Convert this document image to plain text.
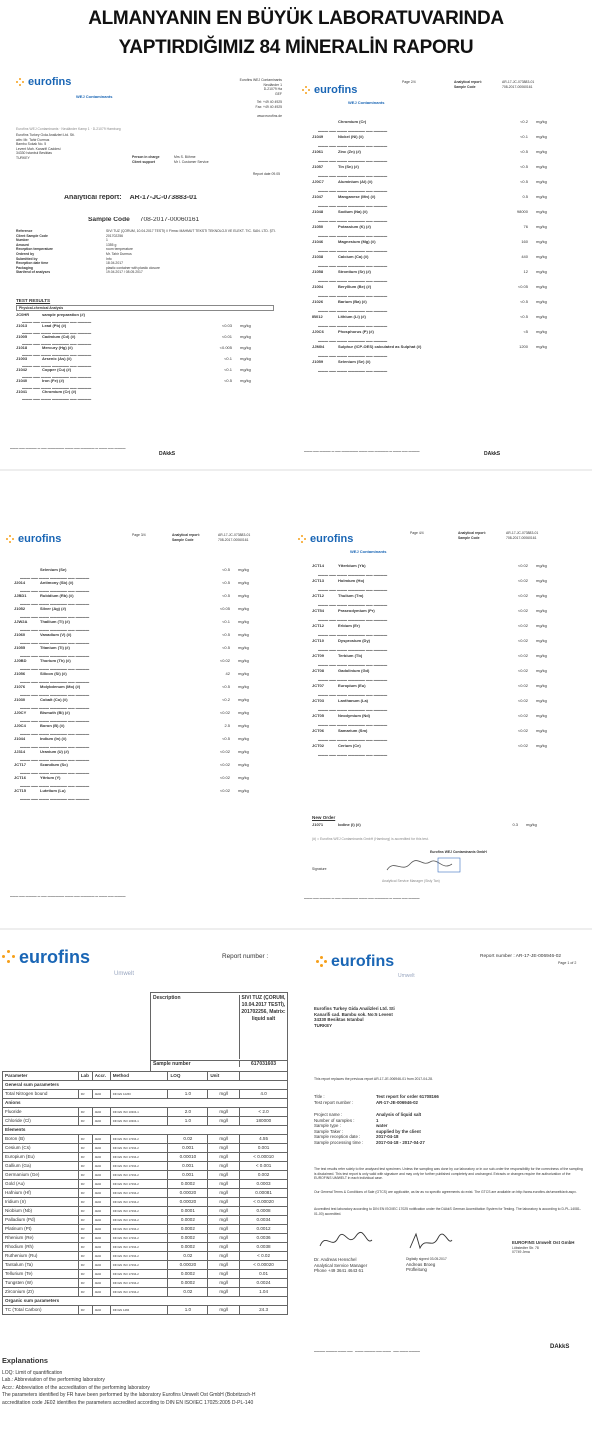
ALMANYANIN EN BÜYÜK LABORATUVARINDA
YAPTIRDIĞIMIZ 84 MİNERALİN RAPORU
eurofins
WEJ Contaminants
Eurofins WEJ Contaminants
Neuländer 1
D-21079 Ha
GEF
Tel: +49 40 4925
Fax: +49 40 4925
www.eurofins.de
Eurofins WEJ Contaminants · Neuländer Kamp 1 · D-21079 Hamburg
Eurofins Turkey Gıda Analizleri Ltd. Sti.
attn: Mr. Tahir Durmus
Bambu Sokak No. 5
Levent Mah. Kanarifi Caddesi
34330 Istanbul Besiktas
TURKEY	Person in charge	Mrs S. Böhme
Client support	Mr I. Customer Service
Report date 09.05
Analytical report: AR-17-JC-073883-01
Sample Code 708-2017-00060161
Reference	SIVI TUZ (ÇORUM, 10.04.2017 TESTİ) // Firma: MAHMUT TEKSTİ TEKNOLOJİ VE ELEKT. TİC. SAN. LTD. ŞTİ.
Client Sample Code	201702256
Number	1
Amount	1355 g
Reception temperature	room temperature
Ordered by	Mr. Tahir Durmus
Submitted by	Info
Reception date time	18.04.2017
Packaging	plastic container with plastic closure
Start/end of analyses	19.04.2017 / 08.05.2017
TEST RESULTS
Physical-chemical Analysis
JC0HR	sample preparation (#)
▬▬▬ ▬▬ ▬▬▬ ▬▬▬▬▬ ▬▬ ▬▬▬▬
J1013	Lead (Pb) (#)	<0.03 mg/kg
▬▬▬ ▬▬ ▬▬▬ ▬▬▬▬▬ ▬▬ ▬▬▬▬
J1005	Cadmium (Cd) (#)	<0.01 mg/kg
▬▬▬ ▬▬ ▬▬▬ ▬▬▬▬▬ ▬▬ ▬▬▬▬
J1018	Mercury (Hg) (#)	<0.005 mg/kg
▬▬▬ ▬▬ ▬▬▬ ▬▬▬▬▬ ▬▬ ▬▬▬▬
J1003	Arsenic (As) (#)	<0.1 mg/kg
▬▬▬ ▬▬ ▬▬▬ ▬▬▬▬▬ ▬▬ ▬▬▬▬
J1042	Copper (Cu) (#)	<0.1 mg/kg
▬▬▬ ▬▬ ▬▬▬ ▬▬▬▬▬ ▬▬ ▬▬▬▬
J1040	Iron (Fe) (#)	<0.5 mg/kg
▬▬▬ ▬▬ ▬▬▬ ▬▬▬▬▬ ▬▬ ▬▬▬▬
J1041	Chromium (Cr) (#)
▬▬▬ ▬▬ ▬▬▬ ▬▬▬▬▬ ▬▬ ▬▬▬▬
▬▬▬ ▬▬ ▬▬▬▬ ▬ ▬▬ ▬▬▬▬▬▬ ▬▬▬ ▬▬ ▬▬▬▬▬ ▬ ▬▬▬ ▬▬ ▬▬▬▬
DAkkS
Page 2/4	Analytical report:	AR-17-JC-073883-01
Sample Code	708-2017-00060161
eurofins
WEJ Contaminants
Chromium (Cr)	<0.2 mg/kg
▬▬▬ ▬▬ ▬▬▬ ▬▬▬▬▬ ▬▬ ▬▬▬▬
J1049	Nickel (Ni) (#)	<0.1 mg/kg
▬▬▬ ▬▬ ▬▬▬ ▬▬▬▬▬ ▬▬ ▬▬▬▬
J1061	Zinc (Zn) (#)	<0.5 mg/kg
▬▬▬ ▬▬ ▬▬▬ ▬▬▬▬▬ ▬▬ ▬▬▬▬
J1057	Tin (Sn) (#)	<0.5 mg/kg
▬▬▬ ▬▬ ▬▬▬ ▬▬▬▬▬ ▬▬ ▬▬▬▬
JJ0C7	Aluminium (Al) (#)	<0.5 mg/kg
▬▬▬ ▬▬ ▬▬▬ ▬▬▬▬▬ ▬▬ ▬▬▬▬
J1047	Manganese (Mn) (#)	0.5 mg/kg
▬▬▬ ▬▬ ▬▬▬ ▬▬▬▬▬ ▬▬ ▬▬▬▬
J1048	Sodium (Na) (#)	98000 mg/kg
▬▬▬ ▬▬ ▬▬▬ ▬▬▬▬▬ ▬▬ ▬▬▬▬
J1050	Potassium (K) (#)	76 mg/kg
▬▬▬ ▬▬ ▬▬▬ ▬▬▬▬▬ ▬▬ ▬▬▬▬
J1046	Magnesium (Mg) (#)	160 mg/kg
▬▬▬ ▬▬ ▬▬▬ ▬▬▬▬▬ ▬▬ ▬▬▬▬
J1038	Calcium (Ca) (#)	440 mg/kg
▬▬▬ ▬▬ ▬▬▬ ▬▬▬▬▬ ▬▬ ▬▬▬▬
J1058	Strontium (Sr) (#)	12 mg/kg
▬▬▬ ▬▬ ▬▬▬ ▬▬▬▬▬ ▬▬ ▬▬▬▬
J1004	Beryllium (Be) (#)	<0.05 mg/kg
▬▬▬ ▬▬ ▬▬▬ ▬▬▬▬▬ ▬▬ ▬▬▬▬
J1026	Barium (Ba) (#)	<0.5 mg/kg
▬▬▬ ▬▬ ▬▬▬ ▬▬▬▬▬ ▬▬ ▬▬▬▬
IB012	Lithium (Li) (#)	<0.5 mg/kg
▬▬▬ ▬▬ ▬▬▬ ▬▬▬▬▬ ▬▬ ▬▬▬▬
JJ0C6	Phosphorus (P) (#)	<5 mg/kg
▬▬▬ ▬▬ ▬▬▬ ▬▬▬▬▬ ▬▬ ▬▬▬▬
JJM04	Sulphur (ICP-OES) calculated as Sulphat (#)	1200 mg/kg
▬▬▬ ▬▬ ▬▬▬ ▬▬▬▬▬ ▬▬ ▬▬▬▬
J1059	Selenium (Se) (#)
▬▬▬ ▬▬ ▬▬▬ ▬▬▬▬▬ ▬▬ ▬▬▬▬
▬▬▬ ▬▬ ▬▬▬▬ ▬ ▬▬ ▬▬▬▬▬▬ ▬▬▬ ▬▬ ▬▬▬▬▬ ▬ ▬▬▬ ▬▬ ▬▬▬▬	DAkkS
Page 3/4	Analytical report:	AR-17-JC-073883-01
Sample Code	708-2017-00060161
eurofins
Selenium (Se)	<0.5 mg/kg
▬▬▬ ▬▬ ▬▬▬ ▬▬▬▬▬ ▬▬ ▬▬▬▬
J2014	Antimony (Sb) (#)	<0.5 mg/kg
▬▬▬ ▬▬ ▬▬▬ ▬▬▬▬▬ ▬▬ ▬▬▬▬
JJBD1	Rubidium (Rb) (#)	<0.5 mg/kg
▬▬▬ ▬▬ ▬▬▬ ▬▬▬▬▬ ▬▬ ▬▬▬▬
J1052	Silver (Ag) (#)	<0.05 mg/kg
▬▬▬ ▬▬ ▬▬▬ ▬▬▬▬▬ ▬▬ ▬▬▬▬
JJW2A	Thallium (Tl) (#)	<0.1 mg/kg
▬▬▬ ▬▬ ▬▬▬ ▬▬▬▬▬ ▬▬ ▬▬▬▬
J1060	Vanadium (V) (#)	<0.5 mg/kg
▬▬▬ ▬▬ ▬▬▬ ▬▬▬▬▬ ▬▬ ▬▬▬▬
J1055	Titanium (Ti) (#)	<0.5 mg/kg
▬▬▬ ▬▬ ▬▬▬ ▬▬▬▬▬ ▬▬ ▬▬▬▬
JJ0BD	Thorium (Th) (#)	<0.02 mg/kg
▬▬▬ ▬▬ ▬▬▬ ▬▬▬▬▬ ▬▬ ▬▬▬▬
J1056	Silicon (Si) (#)	42 mg/kg
▬▬▬ ▬▬ ▬▬▬ ▬▬▬▬▬ ▬▬ ▬▬▬▬
J1076	Molybdenum (Mo) (#)	<0.5 mg/kg
▬▬▬ ▬▬ ▬▬▬ ▬▬▬▬▬ ▬▬ ▬▬▬▬
J1030	Cobalt (Co) (#)	<0.2 mg/kg
▬▬▬ ▬▬ ▬▬▬ ▬▬▬▬▬ ▬▬ ▬▬▬▬
JJ0CY	Bismuth (Bi) (#)	<0.02 mg/kg
▬▬▬ ▬▬ ▬▬▬ ▬▬▬▬▬ ▬▬ ▬▬▬▬
JJ0C4	Boron (B) (#)	2.5 mg/kg
▬▬▬ ▬▬ ▬▬▬ ▬▬▬▬▬ ▬▬ ▬▬▬▬
J1044	Indium (In) (#)	<0.5 mg/kg
▬▬▬ ▬▬ ▬▬▬ ▬▬▬▬▬ ▬▬ ▬▬▬▬
JJ314	Uranium (U) (#)	<0.02 mg/kg
▬▬▬ ▬▬ ▬▬▬ ▬▬▬▬▬ ▬▬ ▬▬▬▬
JCT17	Scandium (Sc)	<0.02 mg/kg
▬▬▬ ▬▬ ▬▬▬ ▬▬▬▬▬ ▬▬ ▬▬▬▬
JCT16	Yttrium (Y)	<0.02 mg/kg
▬▬▬ ▬▬ ▬▬▬ ▬▬▬▬▬ ▬▬ ▬▬▬▬
JCT15	Lutetium (Lu)	<0.02 mg/kg
▬▬▬ ▬▬ ▬▬▬ ▬▬▬▬▬ ▬▬ ▬▬▬▬
▬▬▬ ▬▬ ▬▬▬▬ ▬ ▬▬ ▬▬▬▬▬▬ ▬▬▬ ▬▬ ▬▬▬▬▬ ▬ ▬▬▬ ▬▬ ▬▬▬▬
Page 4/4	Analytical report:	AR-17-JC-073883-01
Sample Code	708-2017-00060161
eurofins
WEJ Contaminants
JCT14	Ytterbium (Yb)	<0.02 mg/kg
▬▬▬ ▬▬ ▬▬▬ ▬▬▬▬▬ ▬▬ ▬▬▬▬
JCT13	Holmium (Ho)	<0.02 mg/kg
▬▬▬ ▬▬ ▬▬▬ ▬▬▬▬▬ ▬▬ ▬▬▬▬
JCT12	Thulium (Tm)	<0.02 mg/kg
▬▬▬ ▬▬ ▬▬▬ ▬▬▬▬▬ ▬▬ ▬▬▬▬
JCT54	Praseodymium (Pr)	<0.02 mg/kg
▬▬▬ ▬▬ ▬▬▬ ▬▬▬▬▬ ▬▬ ▬▬▬▬
JCT12	Erbium (Er)	<0.02 mg/kg
▬▬▬ ▬▬ ▬▬▬ ▬▬▬▬▬ ▬▬ ▬▬▬▬
JCT10	Dysprosium (Dy)	<0.02 mg/kg
▬▬▬ ▬▬ ▬▬▬ ▬▬▬▬▬ ▬▬ ▬▬▬▬
JCT09	Terbium (Tb)	<0.02 mg/kg
▬▬▬ ▬▬ ▬▬▬ ▬▬▬▬▬ ▬▬ ▬▬▬▬
JCT08	Gadolinium (Gd)	<0.02 mg/kg
▬▬▬ ▬▬ ▬▬▬ ▬▬▬▬▬ ▬▬ ▬▬▬▬
JCT07	Europium (Eu)	<0.02 mg/kg
▬▬▬ ▬▬ ▬▬▬ ▬▬▬▬▬ ▬▬ ▬▬▬▬
JCT03	Lanthanum (La)	<0.02 mg/kg
▬▬▬ ▬▬ ▬▬▬ ▬▬▬▬▬ ▬▬ ▬▬▬▬
JCT05	Neodymium (Nd)	<0.02 mg/kg
▬▬▬ ▬▬ ▬▬▬ ▬▬▬▬▬ ▬▬ ▬▬▬▬
JCT06	Samarium (Sm)	<0.02 mg/kg
▬▬▬ ▬▬ ▬▬▬ ▬▬▬▬▬ ▬▬ ▬▬▬▬
JCT02	Cerium (Ce)	<0.02 mg/kg
▬▬▬ ▬▬ ▬▬▬ ▬▬▬▬▬ ▬▬ ▬▬▬▬
New Order
J1071	Iodine (I) (#)	0.3 mg/kg
(#) = Eurofins WEJ Contaminants GmbH (Hamburg) is accredited for this test.
Eurofins WEJ Contaminants GmbH
Signature
Analytical Service Manager (Sisly Tan)
▬▬▬ ▬▬ ▬▬▬▬ ▬ ▬▬ ▬▬▬▬▬▬ ▬▬▬ ▬▬ ▬▬▬▬▬ ▬ ▬▬▬ ▬▬ ▬▬▬▬
eurofins	Report number :
Umwelt
Description	SIVI TUZ (ÇORUM, 10.04.2017 TESTİ), 201702256, Matrix: liquid salt
Sample number	617031603
Parameter	Lab	Accr.	Method	LOQ	Unit	
General sum parameters						
Total Nitrogen bound	FR	JE02	DIN EN 12260	1.0	mg/l	4.0
Anions						
Fluoride	FR	JE02	DIN EN ISO 10304-1	2.0	mg/l	< 2.0
Chloride (Cl)	FR	JE02	DIN EN ISO 10304-1	1.0	mg/l	180000
Elements						
Boron (B)	FR	JE02	DIN EN ISO 17294-2	0.02	mg/l	4.55
Cesium (Cs)	FR	JE02	DIN EN ISO 17294-2	0.001	mg/l	0.001
Europium (Eu)	FR	JE02	DIN EN ISO 17294-2	0.00010	mg/l	< 0.00010
Gallium (Ga)	FR	JE02	DIN EN ISO 17294-2	0.001	mg/l	< 0.001
Germanium (Ge)	FR	JE02	DIN EN ISO 17294-2	0.001	mg/l	0.002
Gold (Au)	FR	JE02	DIN EN ISO 17294-2	0.0002	mg/l	0.0003
Hafnium (Hf)	FR	JE02	DIN EN ISO 17294-2	0.00020	mg/l	0.00081
Iridium (Ir)	FR	JE02	DIN EN ISO 17294-2	0.00020	mg/l	< 0.00020
Niobium (Nb)	FR	JE02	DIN EN ISO 17294-2	0.0001	mg/l	0.0008
Palladium (Pd)	FR	JE02	DIN EN ISO 17294-2	0.0002	mg/l	0.0034
Platinum (Pt)	FR	JE02	DIN EN ISO 17294-2	0.0002	mg/l	0.0012
Rhenium (Re)	FR	JE02	DIN EN ISO 17294-2	0.0002	mg/l	0.0036
Rhodium (Rh)	FR	JE02	DIN EN ISO 17294-2	0.0002	mg/l	0.0038
Ruthenium (Ru)	FR	JE02	DIN EN ISO 17294-2	0.02	mg/l	< 0.02
Tantalum (Ta)	FR	JE02	DIN EN ISO 17294-2	0.00020	mg/l	< 0.00020
Tellurium (Te)	FR	JE02	DIN EN ISO 17294-2	0.0002	mg/l	0.01
Tungsten (W)	FR	JE02	DIN EN ISO 17294-2	0.0002	mg/l	0.0024
Zirconium (Zr)	FR	JE02	DIN EN ISO 17294-2	0.02	mg/l	1.04
Organic sum parameters						
TC (Total Carbon)	FR	JE02	DIN EN 1484	1.0	mg/l	24.3
Explanations
LOQ: Limit of quantification
Lab.: Abbreviation of the performing laboratory
Accr.: Abbreviation of the accreditation of the performing laboratory
The parameters identified by FR have been performed by the laboratory Eurofins Umwelt Ost GmbH (Bobritzsch-H
accreditation code JE02 identifies the parameters accredited according to DIN EN ISO/IEC 17025:2005 D-PL-140
Report number : AR-17-JE-006946-02
Page 1 of 2
eurofins
Umwelt
Eurofins Turkey Gida Analizleri Ltd. Sti
Kanarifi cad. Bambu sok. No:5 Levent
34330 Besiktas Istanbul
TURKEY
This report replaces the previous report AR-17-JE-006946-01 from 2017-04-28.
Title :	Test report for order 61708166
Test report number :	AR-17-JE-006946-02
Project name :	Analysis of liquid salt
Number of samples :	1
Sample type :	water
Sample Taker :	supplied by the client
Sample reception date :	2017-04-18
Sample processing time :	2017-04-18 - 2017-04-27
The test results refer solely to the analysed test specimen. Unless the sampling was done by our laboratory or in our sub-order the responsibility for the correctness of the sampling is disclaimed. This test report is only valid with signature and may only be further published completely and unchanged. Extracts or changes require the authorization of the EUROFINS UMWELT in each individual case.
Our General Terms & Conditions of Sale (GTCS) are applicable, as far as no specific agreements do exist. The GTCS are available on http://www.eurofins.de/umwelt/avb.aspx.
Accredited test laboratory according to DIN EN ISO/IEC 17025 notification under the DAkkS German Accreditation System for Testing. The laboratory is according to D-PL-14081-01-00) accredited.
Dr. Andreas Henschel
Analytical Service Manager
Phone +49 3641 4643 61
Digitally signed 03.05.2017
Andreas Broeg
Prüfleitung
EUROFINS Umwelt Ost GmbH
Löbstedter Str. 78
07749 Jena
▬▬▬▬ ▬▬▬▬ ▬▬▬ ▬▬   ▬▬▬ ▬▬▬▬ ▬▬ ▬▬▬   ▬▬ ▬▬▬ ▬▬▬▬
DAkkS
